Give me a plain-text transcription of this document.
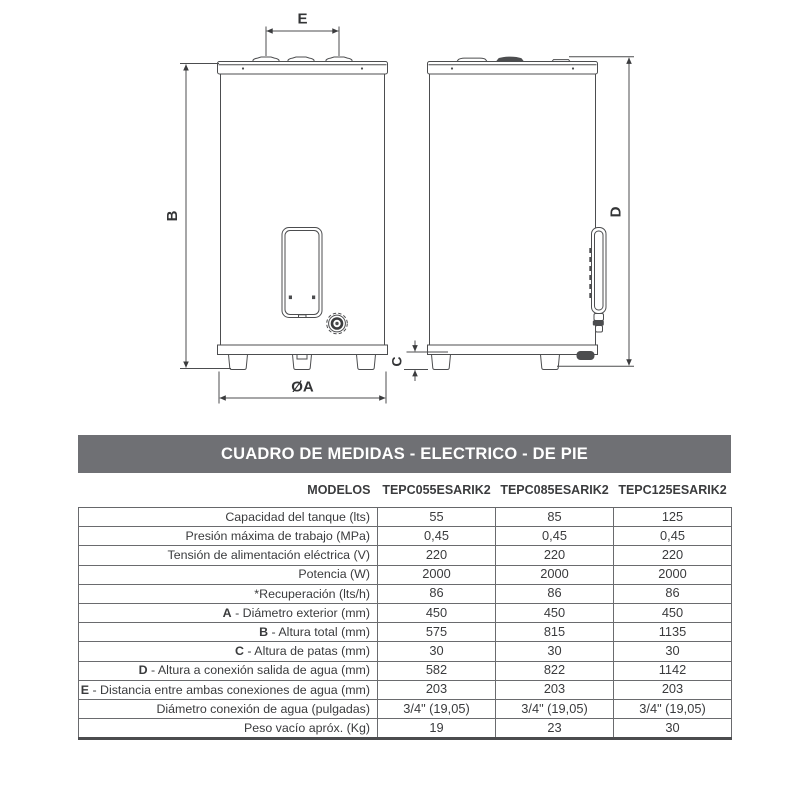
E
B
ØA
C
D
CUADRO DE MEDIDAS - ELECTRICO - DE PIE
MODELOS	TEPC055ESARIK2	TEPC085ESARIK2	TEPC125ESARIK2
Capacidad del tanque (lts)	55	85	125
Presión máxima de trabajo (MPa)	0,45	0,45	0,45
Tensión de alimentación eléctrica (V)	220	220	220
Potencia (W)	2000	2000	2000
*Recuperación (lts/h)	86	86	86
A - Diámetro exterior (mm)	450	450	450
B - Altura total (mm)	575	815	1135
C - Altura de patas (mm)	30	30	30
D - Altura a conexión salida de agua (mm)	582	822	1142
E - Distancia entre ambas conexiones de agua (mm)	203	203	203
Diámetro conexión de agua (pulgadas)	3/4" (19,05)	3/4" (19,05)	3/4" (19,05)
Peso vacío apróx. (Kg)	19	23	30
